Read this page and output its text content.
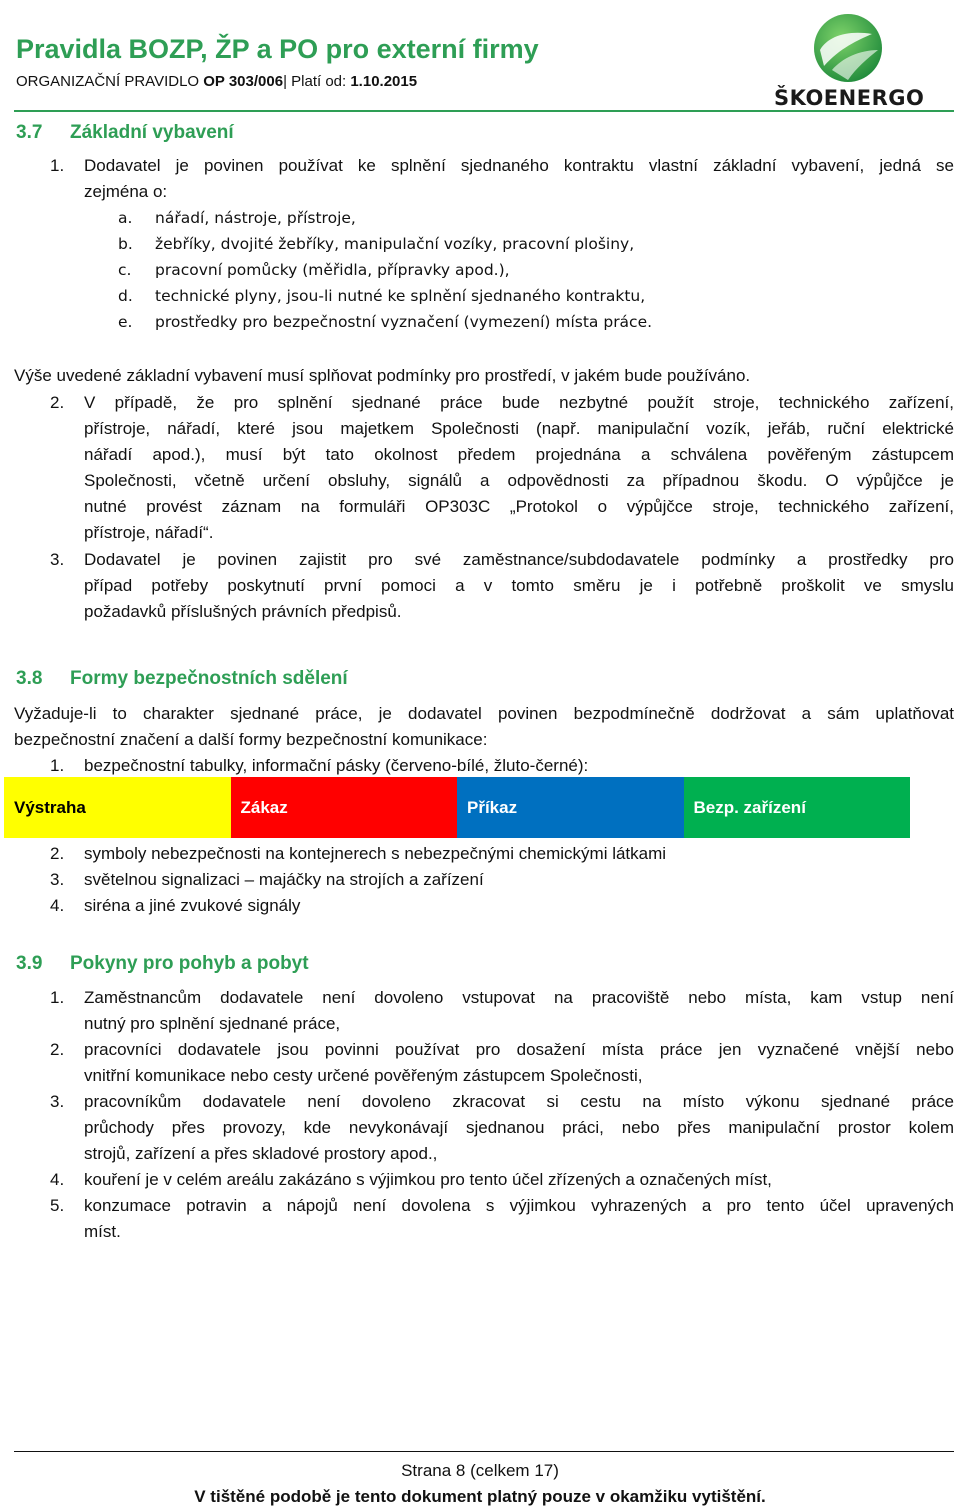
Pravidla BOZP, ŽP a PO pro externí firmy
ORGANIZAČNÍ PRAVIDLO OP 303/006| Platí od: 1.10.2015
ŠKOENERGO
3.7 Základní vybavení
1. Dodavatel je povinen používat ke splnění sjednaného kontraktu vlastní základní vybavení, jedná se
zejména o:
a. nářadí, nástroje, přístroje,
b. žebříky, dvojité žebříky, manipulační vozíky, pracovní plošiny,
c. pracovní pomůcky (měřidla, přípravky apod.),
d. technické plyny, jsou-li nutné ke splnění sjednaného kontraktu,
e. prostředky pro bezpečnostní vyznačení (vymezení) místa práce.
Výše uvedené základní vybavení musí splňovat podmínky pro prostředí, v jakém bude používáno.
2. V případě, že pro splnění sjednané práce bude nezbytné použít stroje, technického zařízení,
přístroje, nářadí, které jsou majetkem Společnosti (např. manipulační vozík, jeřáb, ruční elektrické
nářadí apod.), musí být tato okolnost předem projednána a schválena pověřeným zástupcem
Společnosti, včetně určení obsluhy, signálů a odpovědnosti za případnou škodu. O výpůjčce je
nutné provést záznam na formuláři OP303C „Protokol o výpůjčce stroje, technického zařízení,
přístroje, nářadí“.
3. Dodavatel je povinen zajistit pro své zaměstnance/subdodavatele podmínky a prostředky pro
případ potřeby poskytnutí první pomoci a v tomto směru je i potřebně proškolit ve smyslu
požadavků příslušných právních předpisů.
3.8 Formy bezpečnostních sdělení
Vyžaduje-li to charakter sjednané práce, je dodavatel povinen bezpodmínečně dodržovat a sám uplatňovat
bezpečnostní značení a další formy bezpečnostní komunikace:
1. bezpečnostní tabulky, informační pásky (červeno-bílé, žluto-černé):
Výstraha	Zákaz	Příkaz	Bezp. zařízení
2. symboly nebezpečnosti na kontejnerech s nebezpečnými chemickými látkami
3. světelnou signalizaci – majáčky na strojích a zařízení
4. siréna a jiné zvukové signály
3.9 Pokyny pro pohyb a pobyt
1. Zaměstnancům dodavatele není dovoleno vstupovat na pracoviště nebo místa, kam vstup není
nutný pro splnění sjednané práce,
2. pracovníci dodavatele jsou povinni používat pro dosažení místa práce jen vyznačené vnější nebo
vnitřní komunikace nebo cesty určené pověřeným zástupcem Společnosti,
3. pracovníkům dodavatele není dovoleno zkracovat si cestu na místo výkonu sjednané práce
průchody přes provozy, kde nevykonávají sjednanou práci, nebo přes manipulační prostor kolem
strojů, zařízení a přes skladové prostory apod.,
4. kouření je v celém areálu zakázáno s výjimkou pro tento účel zřízených a označených míst,
5. konzumace potravin a nápojů není dovolena s výjimkou vyhrazených a pro tento účel upravených
míst.
Strana 8 (celkem 17)
V tištěné podobě je tento dokument platný pouze v okamžiku vytištění.
